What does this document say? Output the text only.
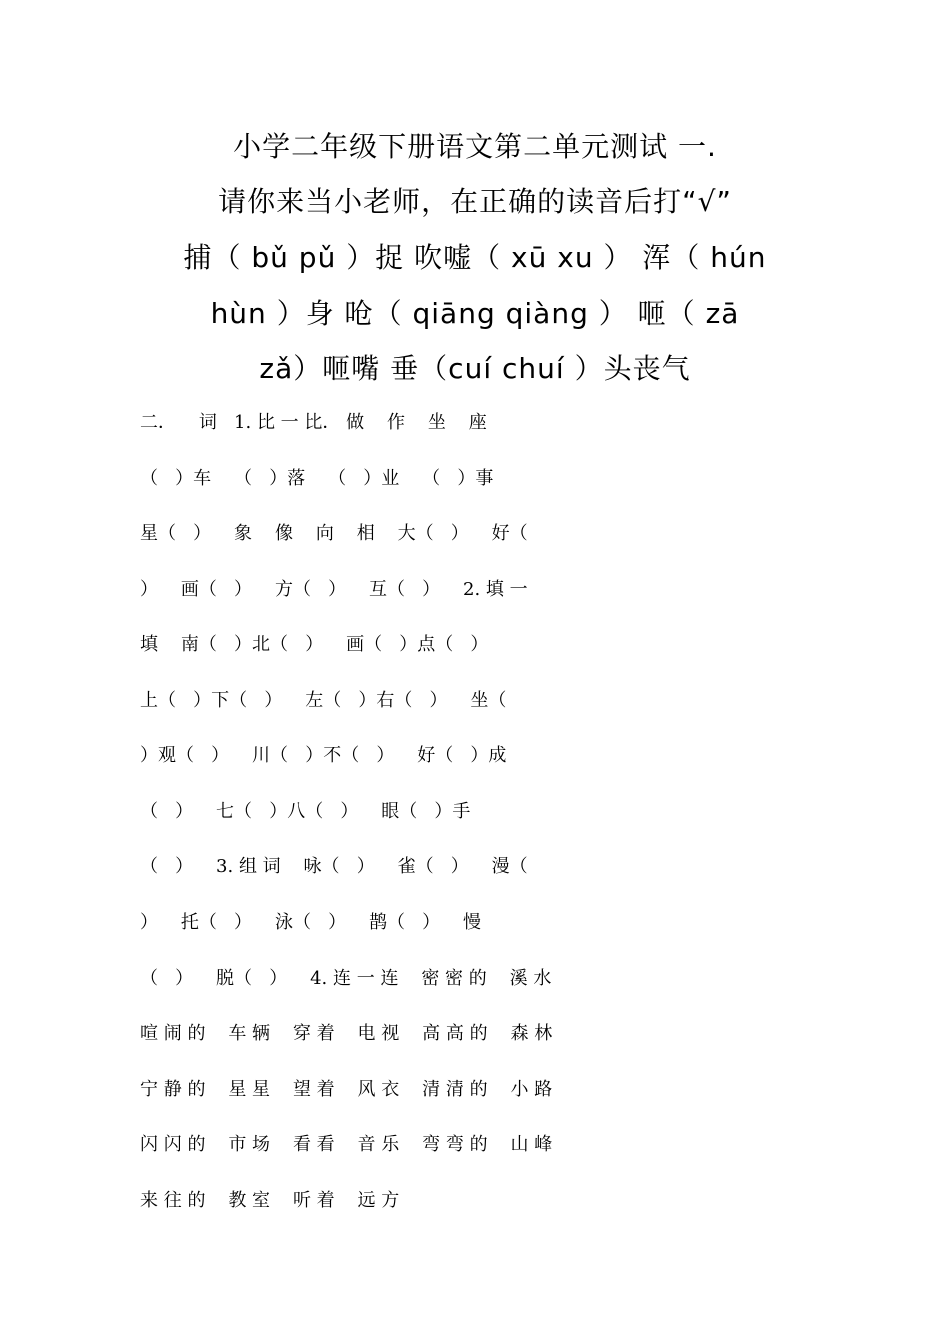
小学二年级下册语文第二单元测试 一.
请你来当小老师，在正确的读音后打“√”
捕（ bǔ pǔ ）捉 吹嘘（ xū xu ） 浑（ hún
hùn ）身 呛（ qiāng qiàng ） 咂（ zā
zǎ）咂嘴 垂（cuí chuí ）头丧气
二．    词   1. 比 一 比． 做    作    坐    座
（   ）车    （   ）落    （   ）业    （   ）事
星（   ）    象    像    向    相    大（   ）    好（
）    画（   ）    方（   ）    互（   ）    2. 填 一
填    南（   ）北（   ）    画（   ）点（   ）
上（   ）下（   ）    左（   ）右（   ）    坐（
）观（   ）    川（   ）不（   ）    好（   ）成
（   ）    七（   ）八（   ）    眼（   ）手
（   ）    3. 组 词    咏（   ）    雀（   ）    漫（
）    托（   ）    泳（   ）    鹊（   ）    慢
（   ）    脱（   ）    4. 连 一 连    密 密 的    溪 水
喧 闹 的    车 辆    穿 着    电 视    高 高 的    森 林
宁 静 的    星 星    望 着    风 衣    清 清 的    小 路
闪 闪 的    市 场    看 看    音 乐    弯 弯 的    山 峰
来 往 的    教 室    听 着    远 方
